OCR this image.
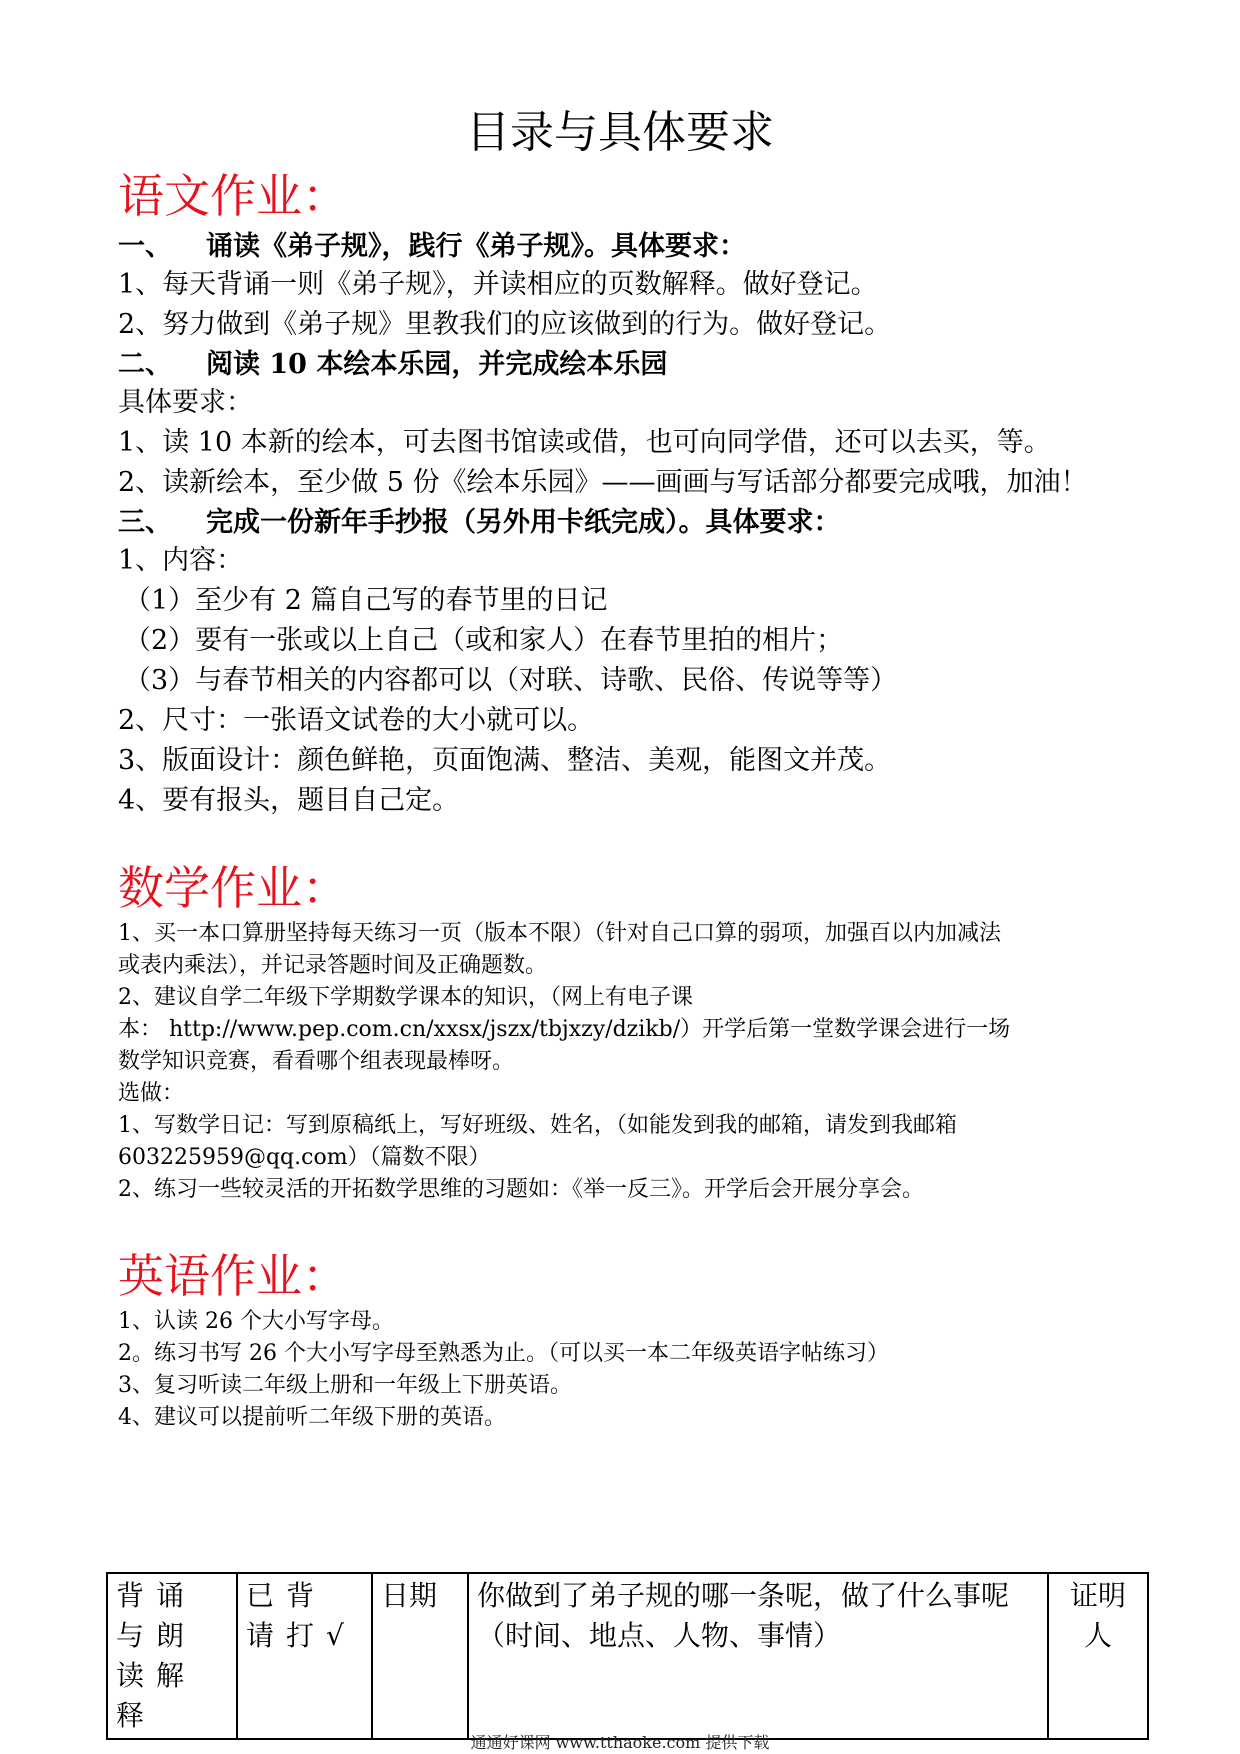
目录与具体要求
语文作业：
一、 诵读《弟子规》，践行《弟子规》。具体要求：
1、每天背诵一则《弟子规》，并读相应的页数解释。做好登记。
2、努力做到《弟子规》里教我们的应该做到的行为。做好登记。
二、 阅读 10 本绘本乐园，并完成绘本乐园
具体要求：
1、读 10 本新的绘本，可去图书馆读或借，也可向同学借，还可以去买，等。
2、读新绘本，至少做 5 份《绘本乐园》——画画与写话部分都要完成哦，加油！
三、 完成一份新年手抄报（另外用卡纸完成）。具体要求：
1、内容：
（1）至少有 2 篇自己写的春节里的日记
（2）要有一张或以上自己（或和家人）在春节里拍的相片；
（3）与春节相关的内容都可以（对联、诗歌、民俗、传说等等）
2、尺寸：一张语文试卷的大小就可以。
3、版面设计：颜色鲜艳，页面饱满、整洁、美观，能图文并茂。
4、要有报头，题目自己定。
数学作业：
1、买一本口算册坚持每天练习一页（版本不限）（针对自己口算的弱项，加强百以内加减法
或表内乘法），并记录答题时间及正确题数。
2、建议自学二年级下学期数学课本的知识，（网上有电子课
本： http://www.pep.com.cn/xxsx/jszx/tbjxzy/dzikb/）开学后第一堂数学课会进行一场
数学知识竞赛，看看哪个组表现最棒呀。
选做：
1、写数学日记：写到原稿纸上，写好班级、姓名，（如能发到我的邮箱，请发到我邮箱
603225959@qq.com）（篇数不限）
2、练习一些较灵活的开拓数学思维的习题如：《举一反三》。开学后会开展分享会。
英语作业：
1、认读 26 个大小写字母。
2。练习书写 26 个大小写字母至熟悉为止。（可以买一本二年级英语字帖练习）
3、复习听读二年级上册和一年级上下册英语。
4、建议可以提前听二年级下册的英语。
背诵与朗读解释	已背请打√	日期	你做到了弟子规的哪一条呢，做了什么事呢（时间、地点、人物、事情）	证明人
通通好课网 www.tthaoke.com 提供下载
